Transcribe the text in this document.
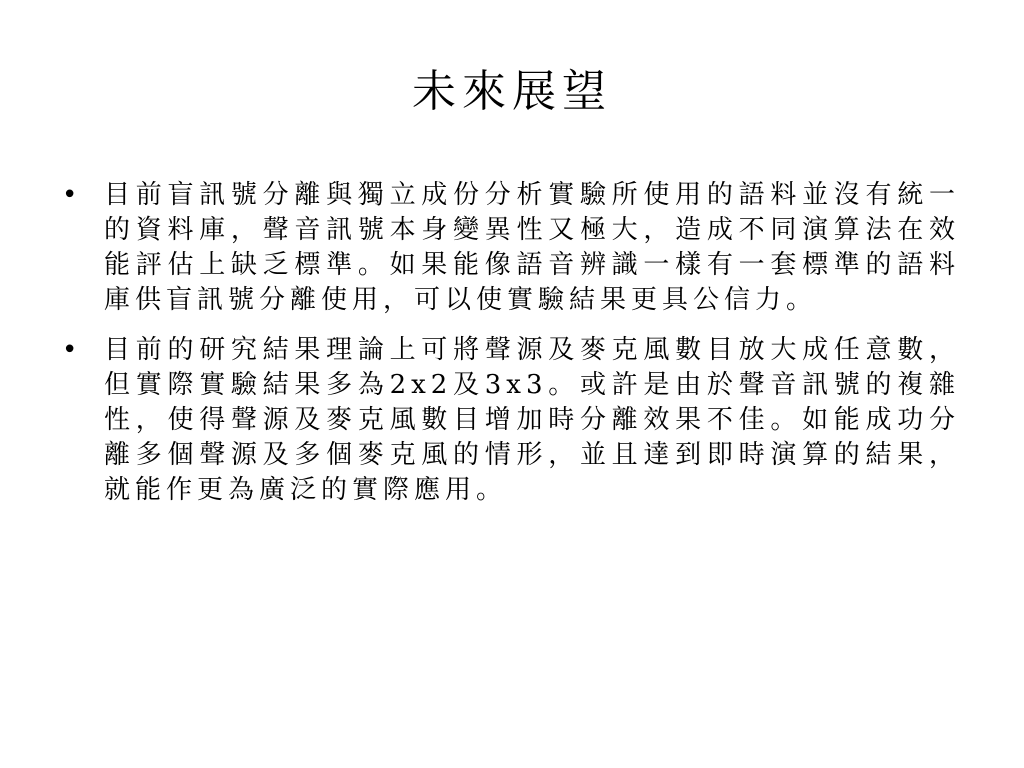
未來展望
• 目前盲訊號分離與獨立成份分析實驗所使用的語料並沒有統一的資料庫，聲音訊號本身變異性又極大，造成不同演算法在效能評估上缺乏標準。如果能像語音辨識一樣有一套標準的語料庫供盲訊號分離使用，可以使實驗結果更具公信力。
• 目前的研究結果理論上可將聲源及麥克風數目放大成任意數，但實際實驗結果多為2x2及3x3。或許是由於聲音訊號的複雜性，使得聲源及麥克風數目增加時分離效果不佳。如能成功分離多個聲源及多個麥克風的情形，並且達到即時演算的結果，就能作更為廣泛的實際應用。
